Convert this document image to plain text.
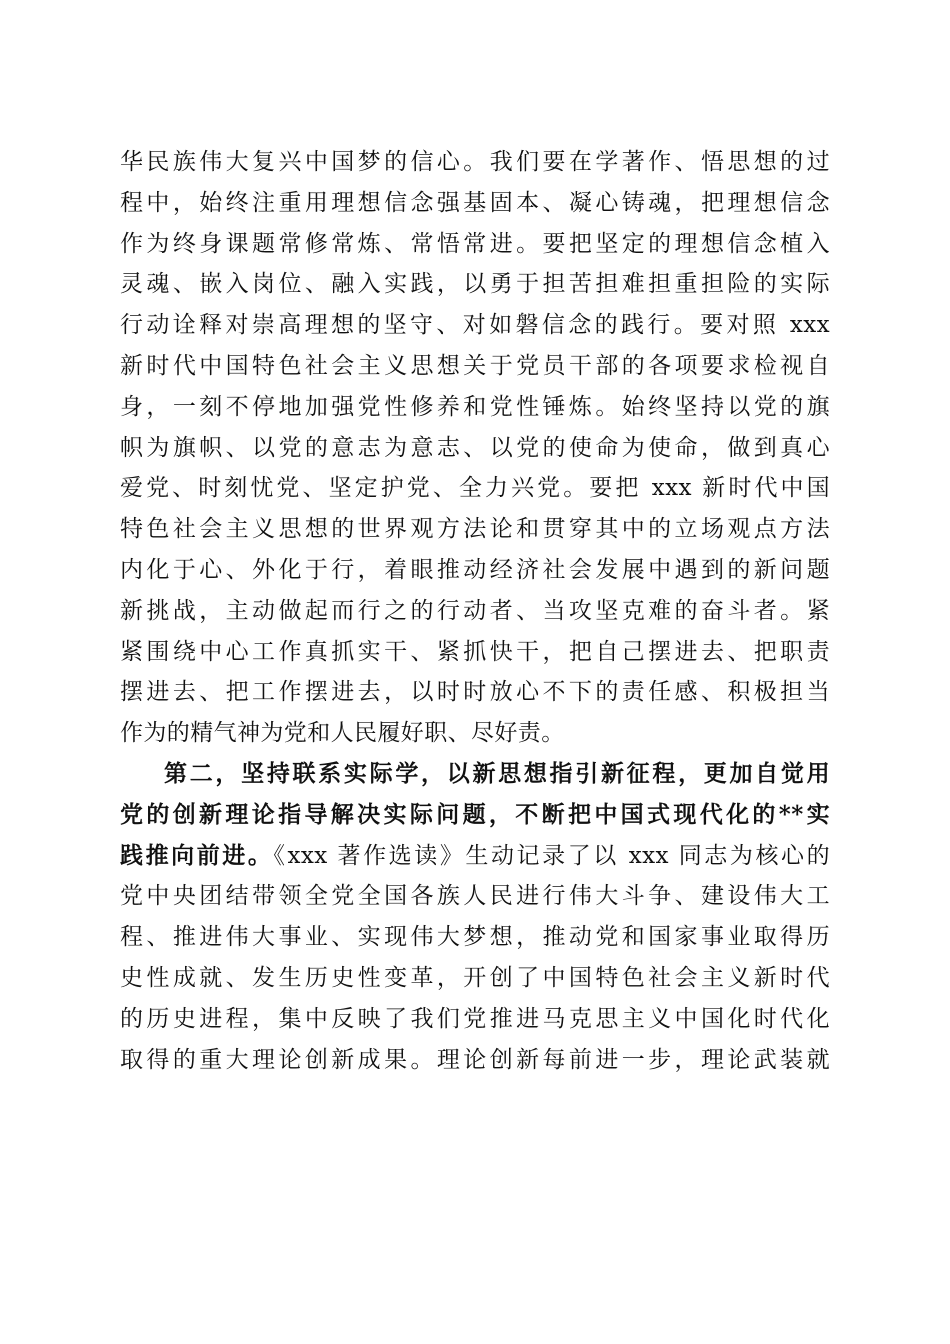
华民族伟大复兴中国梦的信心。我们要在学著作、悟思想的过
程中，始终注重用理想信念强基固本、凝心铸魂，把理想信念
作为终身课题常修常炼、常悟常进。要把坚定的理想信念植入
灵魂、嵌入岗位、融入实践，以勇于担苦担难担重担险的实际
行动诠释对崇高理想的坚守、对如磐信念的践行。要对照 xxx
新时代中国特色社会主义思想关于党员干部的各项要求检视自
身，一刻不停地加强党性修养和党性锤炼。始终坚持以党的旗
帜为旗帜、以党的意志为意志、以党的使命为使命，做到真心
爱党、时刻忧党、坚定护党、全力兴党。要把 xxx 新时代中国
特色社会主义思想的世界观方法论和贯穿其中的立场观点方法
内化于心、外化于行，着眼推动经济社会发展中遇到的新问题
新挑战，主动做起而行之的行动者、当攻坚克难的奋斗者。紧
紧围绕中心工作真抓实干、紧抓快干，把自己摆进去、把职责
摆进去、把工作摆进去，以时时放心不下的责任感、积极担当
作为的精气神为党和人民履好职、尽好责。
第二，坚持联系实际学，以新思想指引新征程，更加自觉用
党的创新理论指导解决实际问题，不断把中国式现代化的**实
践推向前进。《xxx 著作选读》生动记录了以 xxx 同志为核心的
党中央团结带领全党全国各族人民进行伟大斗争、建设伟大工
程、推进伟大事业、实现伟大梦想，推动党和国家事业取得历
史性成就、发生历史性变革，开创了中国特色社会主义新时代
的历史进程，集中反映了我们党推进马克思主义中国化时代化
取得的重大理论创新成果。理论创新每前进一步，理论武装就
